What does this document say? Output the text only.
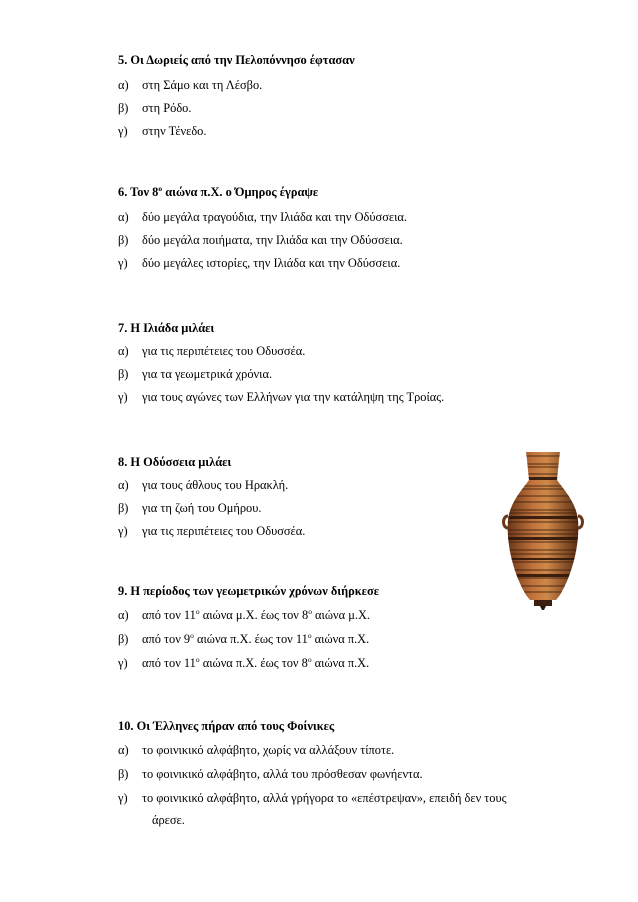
5. Οι Δωριείς από την Πελοπόννησο έφτασαν
α) στη Σάμο και τη Λέσβο.
β) στη Ρόδο.
γ) στην Τένεδο.
6. Τον $8^o$ αιώνα π.Χ. ο Όμηρος έγραψε
α) δύο μεγάλα τραγούδια, την Ιλιάδα και την Οδύσσεια.
β) δύο μεγάλα ποιήματα, την Ιλιάδα και την Οδύσσεια.
γ) δύο μεγάλες ιστορίες, την Ιλιάδα και την Οδύσσεια.
7. Η Ιλιάδα μιλάει
α) για τις περιπέτειες του Οδυσσέα.
β) για τα γεωμετρικά χρόνια.
γ) για τους αγώνες των Ελλήνων για την κατάληψη της Τροίας.
8. Η Οδύσσεια μιλάει
α) για τους άθλους του Ηρακλή.
β) για τη ζωή του Ομήρου.
γ) για τις περιπέτειες του Οδυσσέα.
9. Η περίοδος των γεωμετρικών χρόνων διήρκεσε
α) από τον $11^o$ αιώνα μ.Χ. έως τον $8^o$ αιώνα μ.Χ.
β) από τον $9^o$ αιώνα π.Χ. έως τον $11^o$ αιώνα π.Χ.
γ) από τον $11^o$ αιώνα π.Χ. έως τον $8^o$ αιώνα π.Χ.
10. Οι Έλληνες πήραν από τους Φοίνικες
α) το φοινικικό αλφάβητο, χωρίς να αλλάξουν τίποτε.
β) το φοινικικό αλφάβητο, αλλά του πρόσθεσαν φωνήεντα.
γ) το φοινικικό αλφάβητο, αλλά γρήγορα το «επέστρεψαν», επειδή δεν τους
άρεσε.
